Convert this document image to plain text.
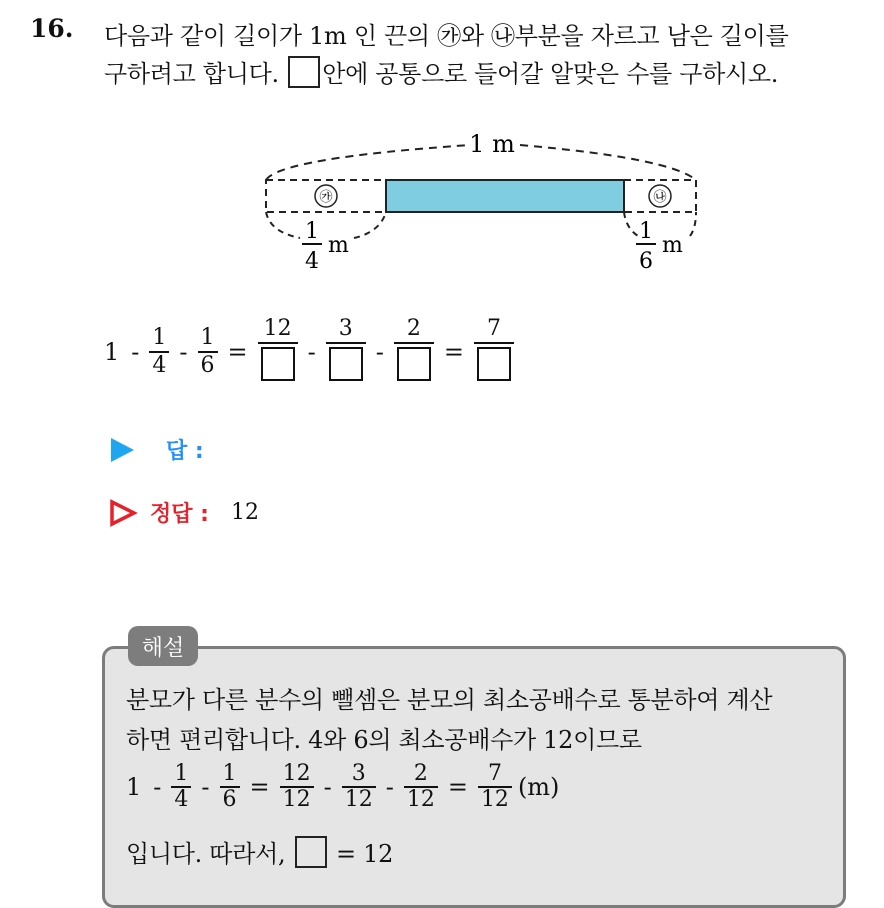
16. 다음과 같이 길이가 1m 인 끈의 ㉮와 ㉯부분을 자르고 남은 길이를
구하려고 합니다. 안에 공통으로 들어갈 알맞은 수를 구하시오.
1 m
㉮	㉯
1
4
m
1
6
m
$1 - \frac{1}{4} - \frac{1}{6}$ =
12
-
3
-
2
=
7
답 :
정답 : 12
해설
분모가 다른 분수의 뺄셈은 분모의 최소공배수로 통분하여 계산
하면 편리합니다. 4와 6의 최소공배수가 12이므로
$1 - \frac{1}{4} - \frac{1}{6} = \frac{12}{12} - \frac{3}{12} - \frac{2}{12} = \frac{7}{12} (m)$
입니다. 따라서, = 12
